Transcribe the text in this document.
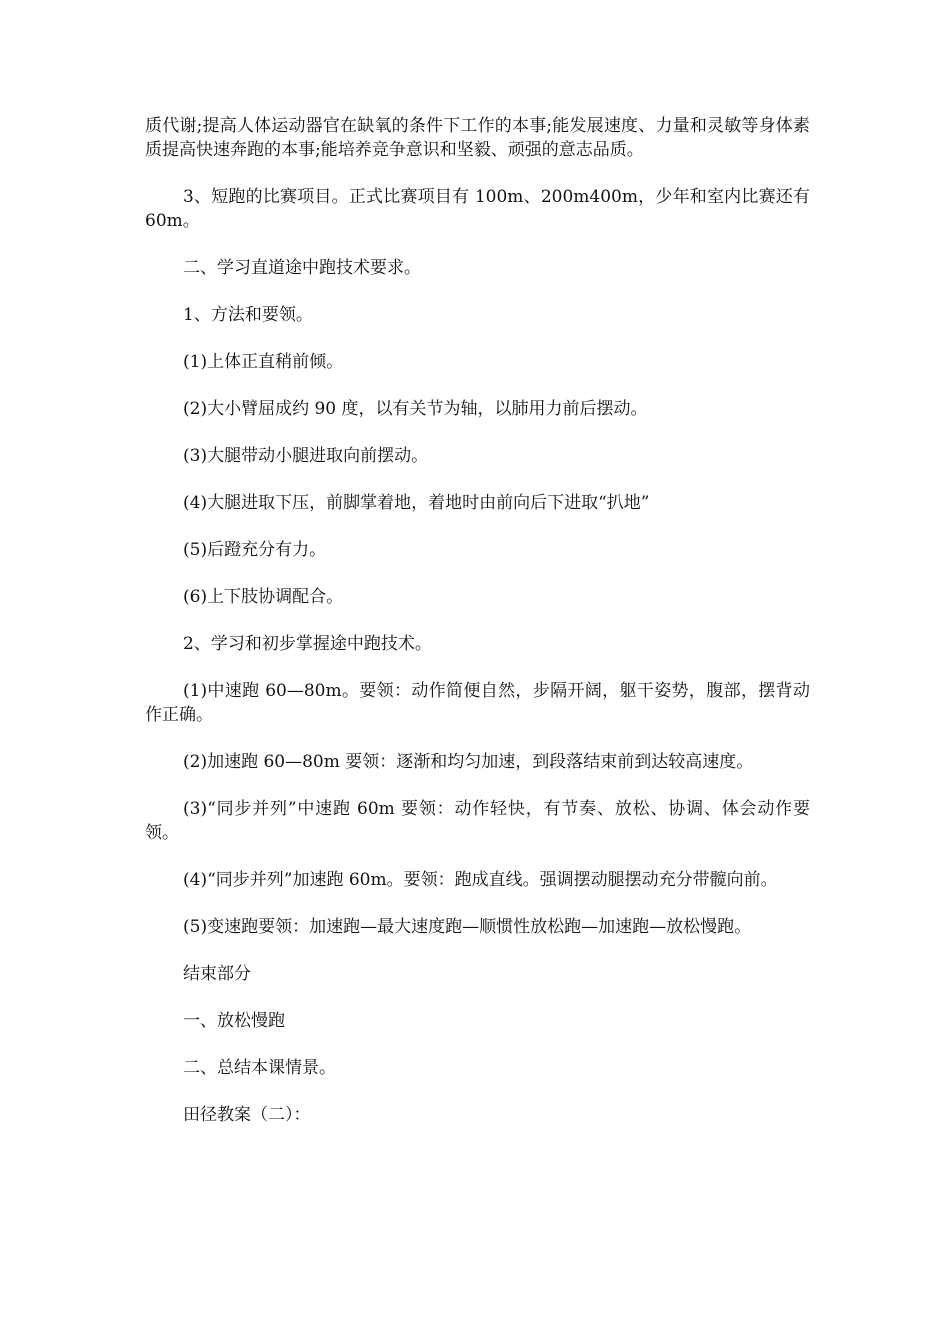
质代谢;提高人体运动器官在缺氧的条件下工作的本事;能发展速度、力量和灵敏等身体素质提高快速奔跑的本事;能培养竞争意识和坚毅、顽强的意志品质。

3、短跑的比赛项目。正式比赛项目有 100m、200m400m，少年和室内比赛还有 60m。

二、学习直道途中跑技术要求。

1、方法和要领。

(1)上体正直稍前倾。

(2)大小臂屈成约 90 度，以有关节为轴，以肺用力前后摆动。

(3)大腿带动小腿进取向前摆动。

(4)大腿进取下压，前脚掌着地，着地时由前向后下进取“扒地”

(5)后蹬充分有力。

(6)上下肢协调配合。

2、学习和初步掌握途中跑技术。

(1)中速跑 60—80m。要领：动作简便自然，步隔开阔，躯干姿势，腹部，摆背动作正确。

(2)加速跑 60—80m 要领：逐渐和均匀加速，到段落结束前到达较高速度。

(3)“同步并列”中速跑 60m 要领：动作轻快，有节奏、放松、协调、体会动作要领。

(4)“同步并列”加速跑 60m。要领：跑成直线。强调摆动腿摆动充分带髋向前。

(5)变速跑要领：加速跑—最大速度跑—顺惯性放松跑—加速跑—放松慢跑。

结束部分

一、放松慢跑

二、总结本课情景。

田径教案（二）：
